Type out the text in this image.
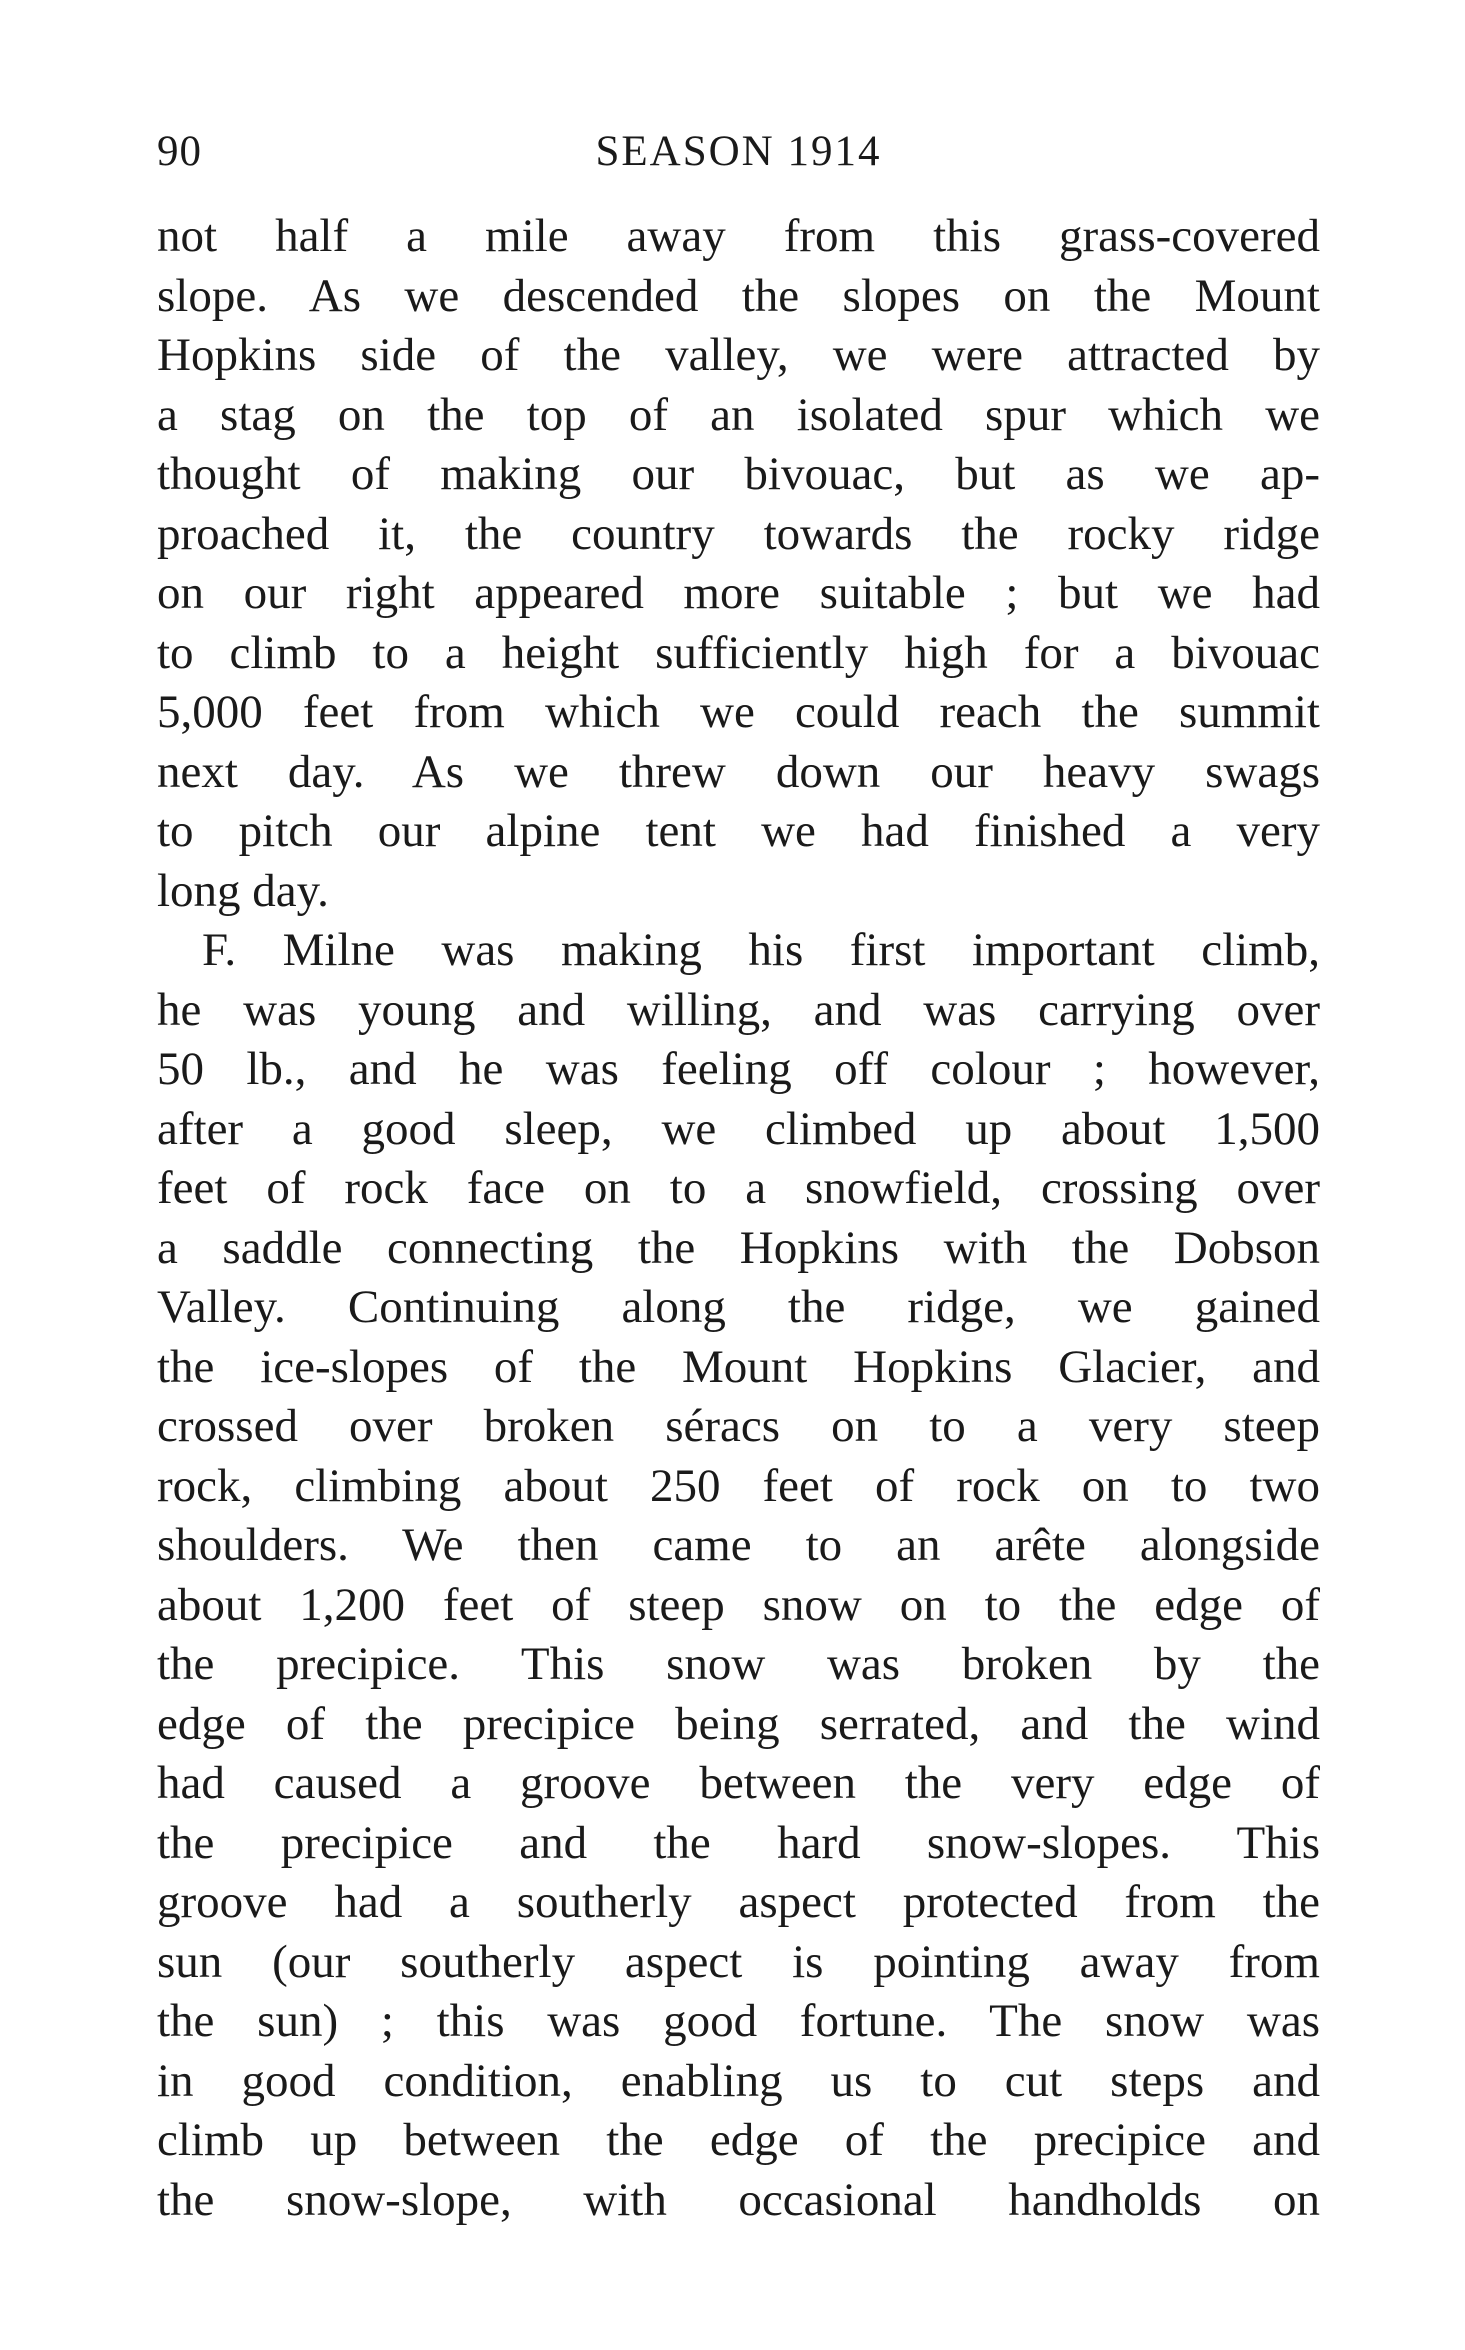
90	SEASON 1914
not half a mile away from this grass-covered
slope. As we descended the slopes on the Mount
Hopkins side of the valley, we were attracted by
a stag on the top of an isolated spur which we
thought of making our bivouac, but as we ap-
proached it, the country towards the rocky ridge
on our right appeared more suitable ; but we had
to climb to a height sufficiently high for a bivouac
5,000 feet from which we could reach the summit
next day. As we threw down our heavy swags
to pitch our alpine tent we had finished a very
long day.
F. Milne was making his first important climb,
he was young and willing, and was carrying over
50 lb., and he was feeling off colour ; however,
after a good sleep, we climbed up about 1,500
feet of rock face on to a snowfield, crossing over
a saddle connecting the Hopkins with the Dobson
Valley. Continuing along the ridge, we gained
the ice-slopes of the Mount Hopkins Glacier, and
crossed over broken séracs on to a very steep
rock, climbing about 250 feet of rock on to two
shoulders. We then came to an arête alongside
about 1,200 feet of steep snow on to the edge of
the precipice. This snow was broken by the
edge of the precipice being serrated, and the wind
had caused a groove between the very edge of
the precipice and the hard snow-slopes. This
groove had a southerly aspect protected from the
sun (our southerly aspect is pointing away from
the sun) ; this was good fortune. The snow was
in good condition, enabling us to cut steps and
climb up between the edge of the precipice and
the snow-slope, with occasional handholds on
